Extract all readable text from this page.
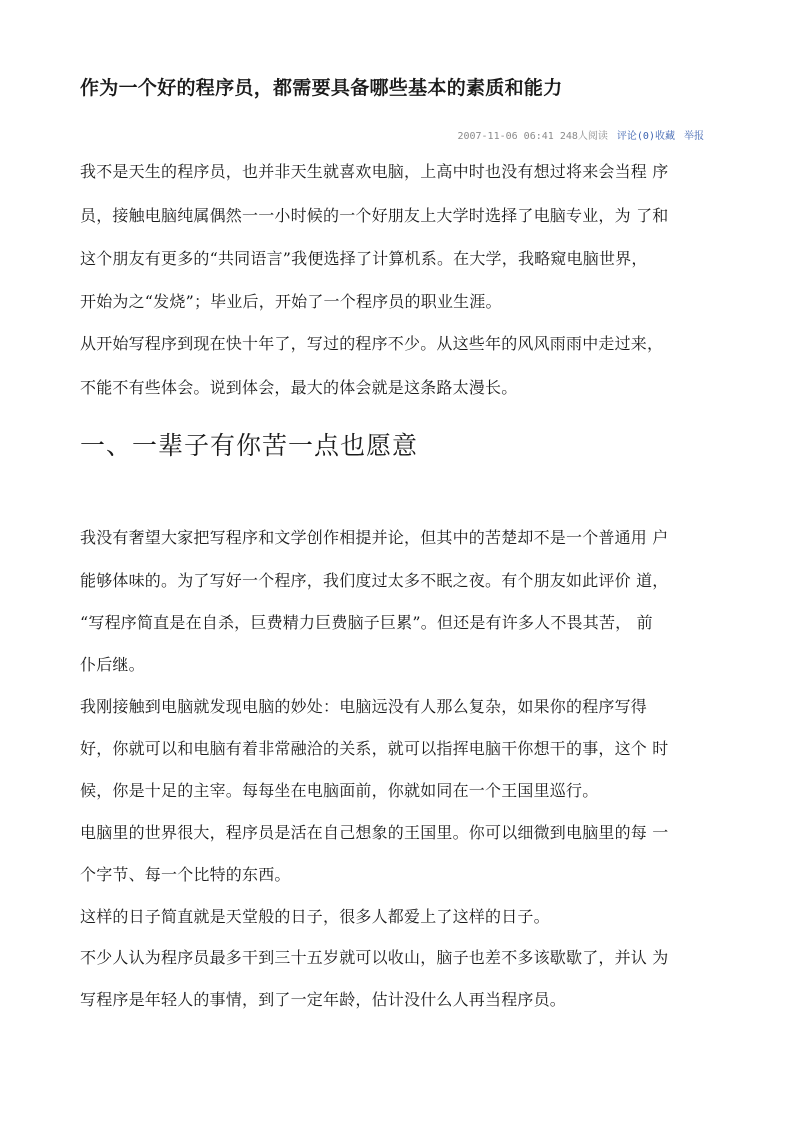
作为一个好的程序员，都需要具备哪些基本的素质和能力
2007-11-06 06:41 248人阅读 评论(0)收藏 举报
我不是天生的程序员，也并非天生就喜欢电脑，上高中时也没有想过将来会当程 序
员，接触电脑纯属偶然一一小时候的一个好朋友上大学时选择了电脑专业，为 了和
这个朋友有更多的“共同语言”我便选择了计算机系。在大学，我略窥电脑世界，
开始为之“发烧”；毕业后，开始了一个程序员的职业生涯。
从开始写程序到现在快十年了，写过的程序不少。从这些年的风风雨雨中走过来，
不能不有些体会。说到体会，最大的体会就是这条路太漫长。
一、一辈子有你苦一点也愿意
我没有奢望大家把写程序和文学创作相提并论，但其中的苦楚却不是一个普通用 户
能够体味的。为了写好一个程序，我们度过太多不眠之夜。有个朋友如此评价 道，
“写程序简直是在自杀，巨费精力巨费脑子巨累”。但还是有许多人不畏其苦， 前
仆后继。
我刚接触到电脑就发现电脑的妙处：电脑远没有人那么复杂，如果你的程序写得
好，你就可以和电脑有着非常融洽的关系，就可以指挥电脑干你想干的事，这个 时
候，你是十足的主宰。每每坐在电脑面前，你就如同在一个王国里巡行。
电脑里的世界很大，程序员是活在自己想象的王国里。你可以细微到电脑里的每 一
个字节、每一个比特的东西。
这样的日子简直就是天堂般的日子，很多人都爱上了这样的日子。
不少人认为程序员最多干到三十五岁就可以收山，脑子也差不多该歇歇了，并认 为
写程序是年轻人的事情，到了一定年龄，估计没什么人再当程序员。
